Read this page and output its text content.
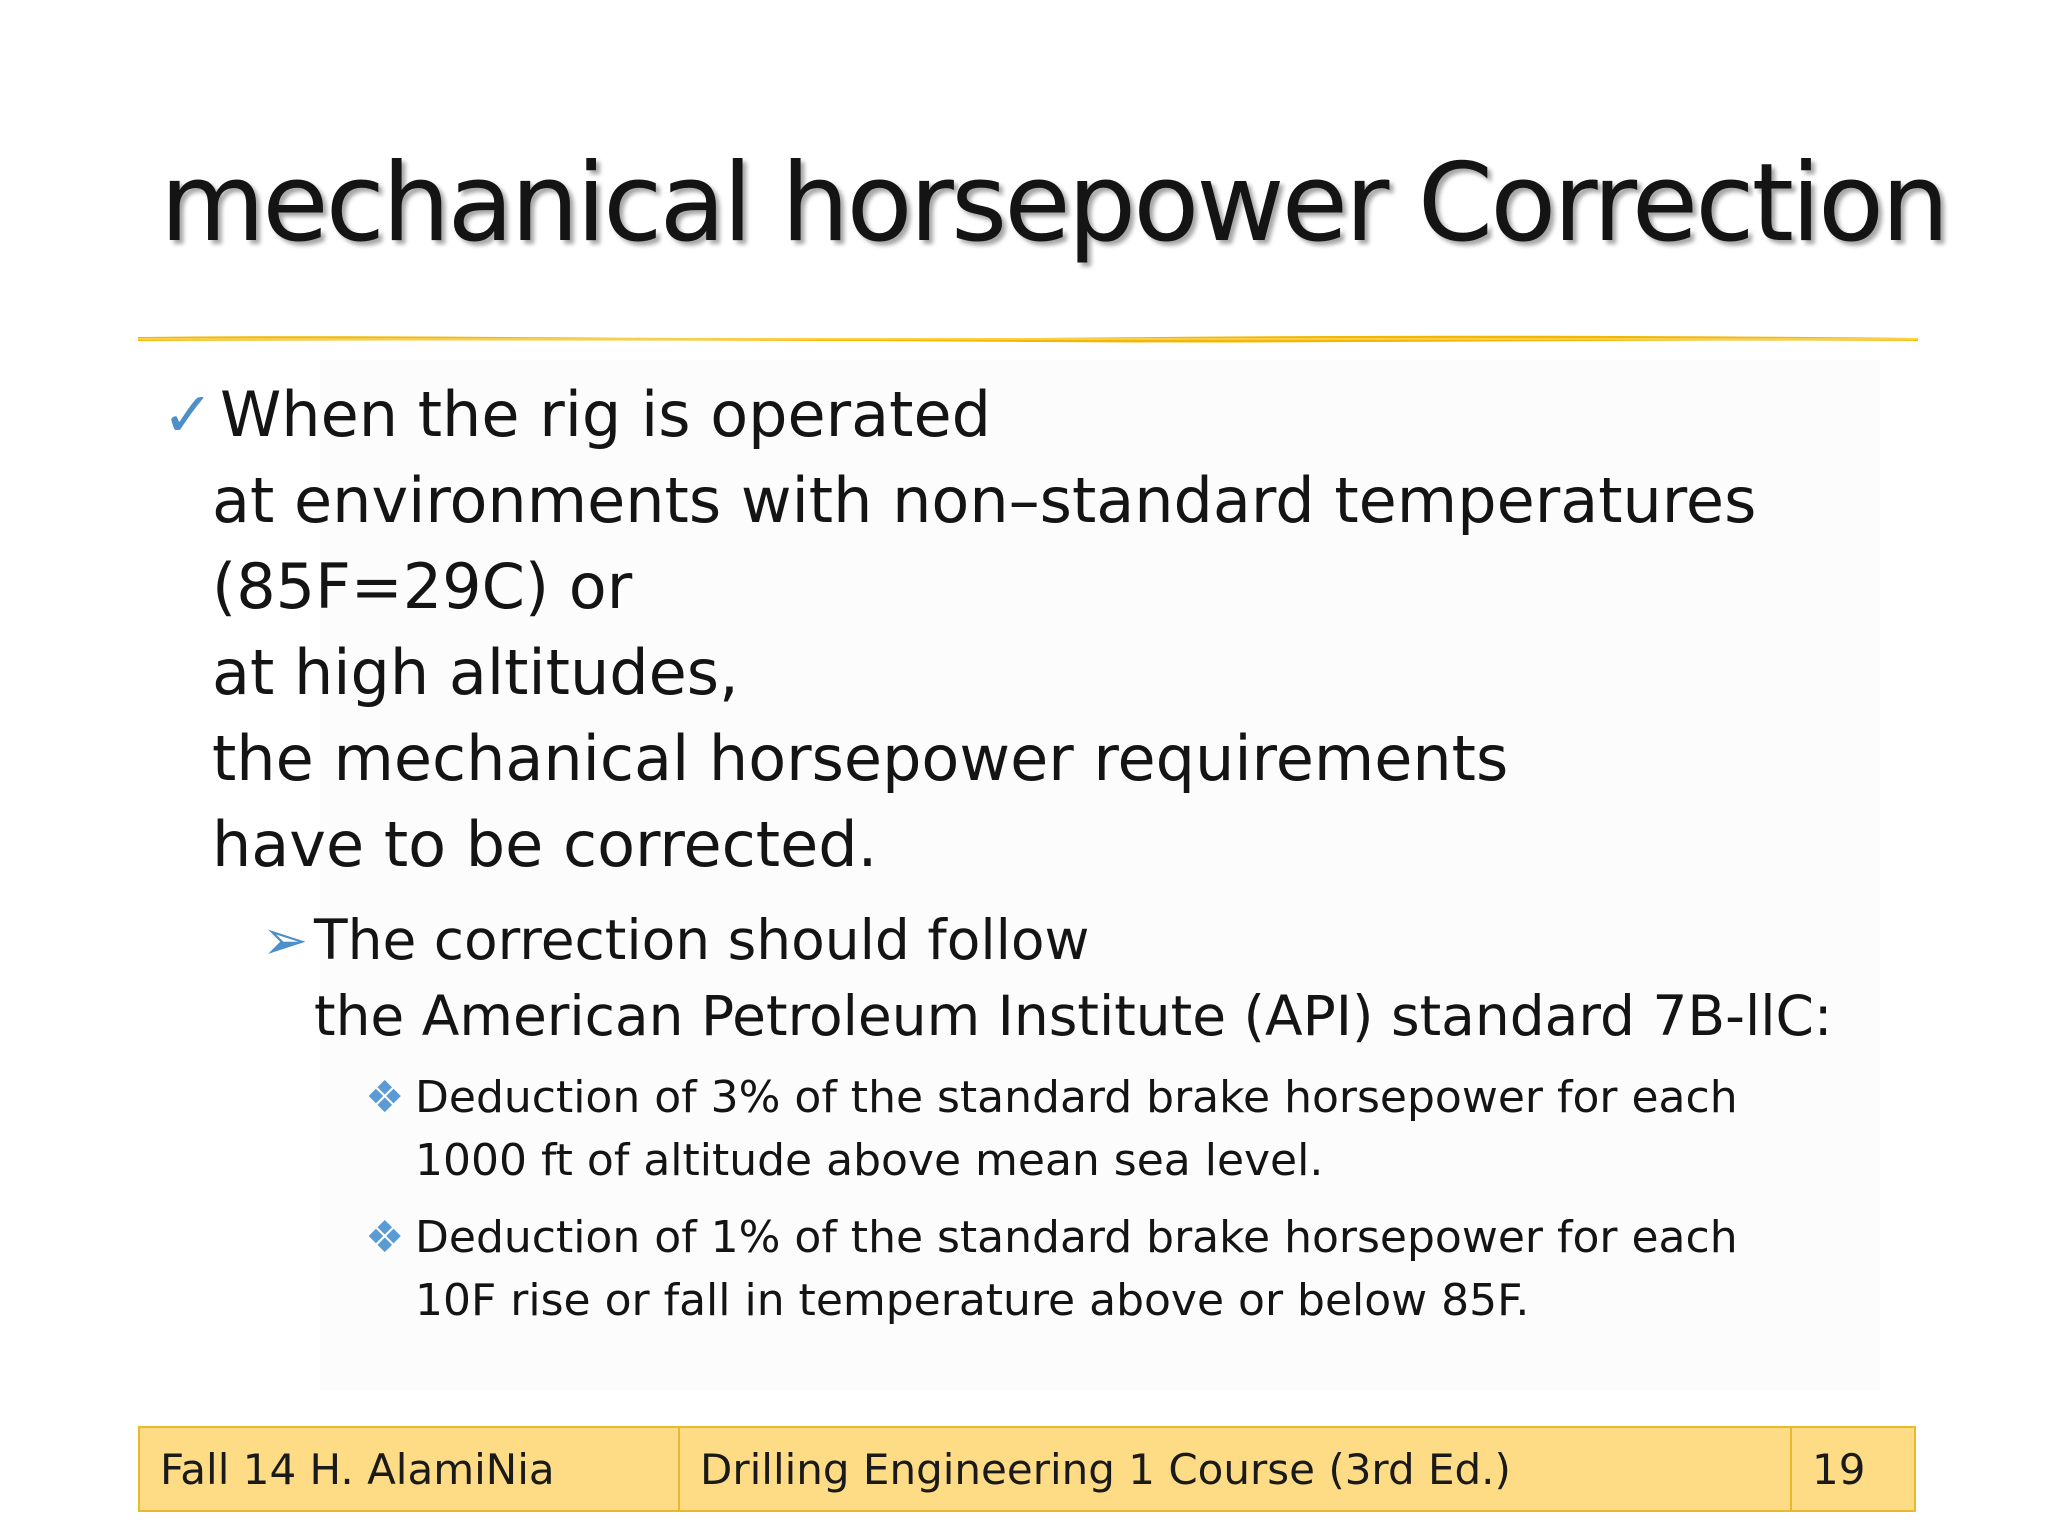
mechanical horsepower Correction
✓When the rig is operated
at environments with non–standard temperatures
(85F=29C) or
at high altitudes,
the mechanical horsepower requirements
have to be corrected.
➢ The correction should follow
the American Petroleum Institute (API) standard 7B-llC:
❖ Deduction of 3% of the standard brake horsepower for each
1000 ft of altitude above mean sea level.
❖ Deduction of 1% of the standard brake horsepower for each
10F rise or fall in temperature above or below 85F.
Fall 14 H. AlamiNia	Drilling Engineering 1 Course (3rd Ed.)	19
